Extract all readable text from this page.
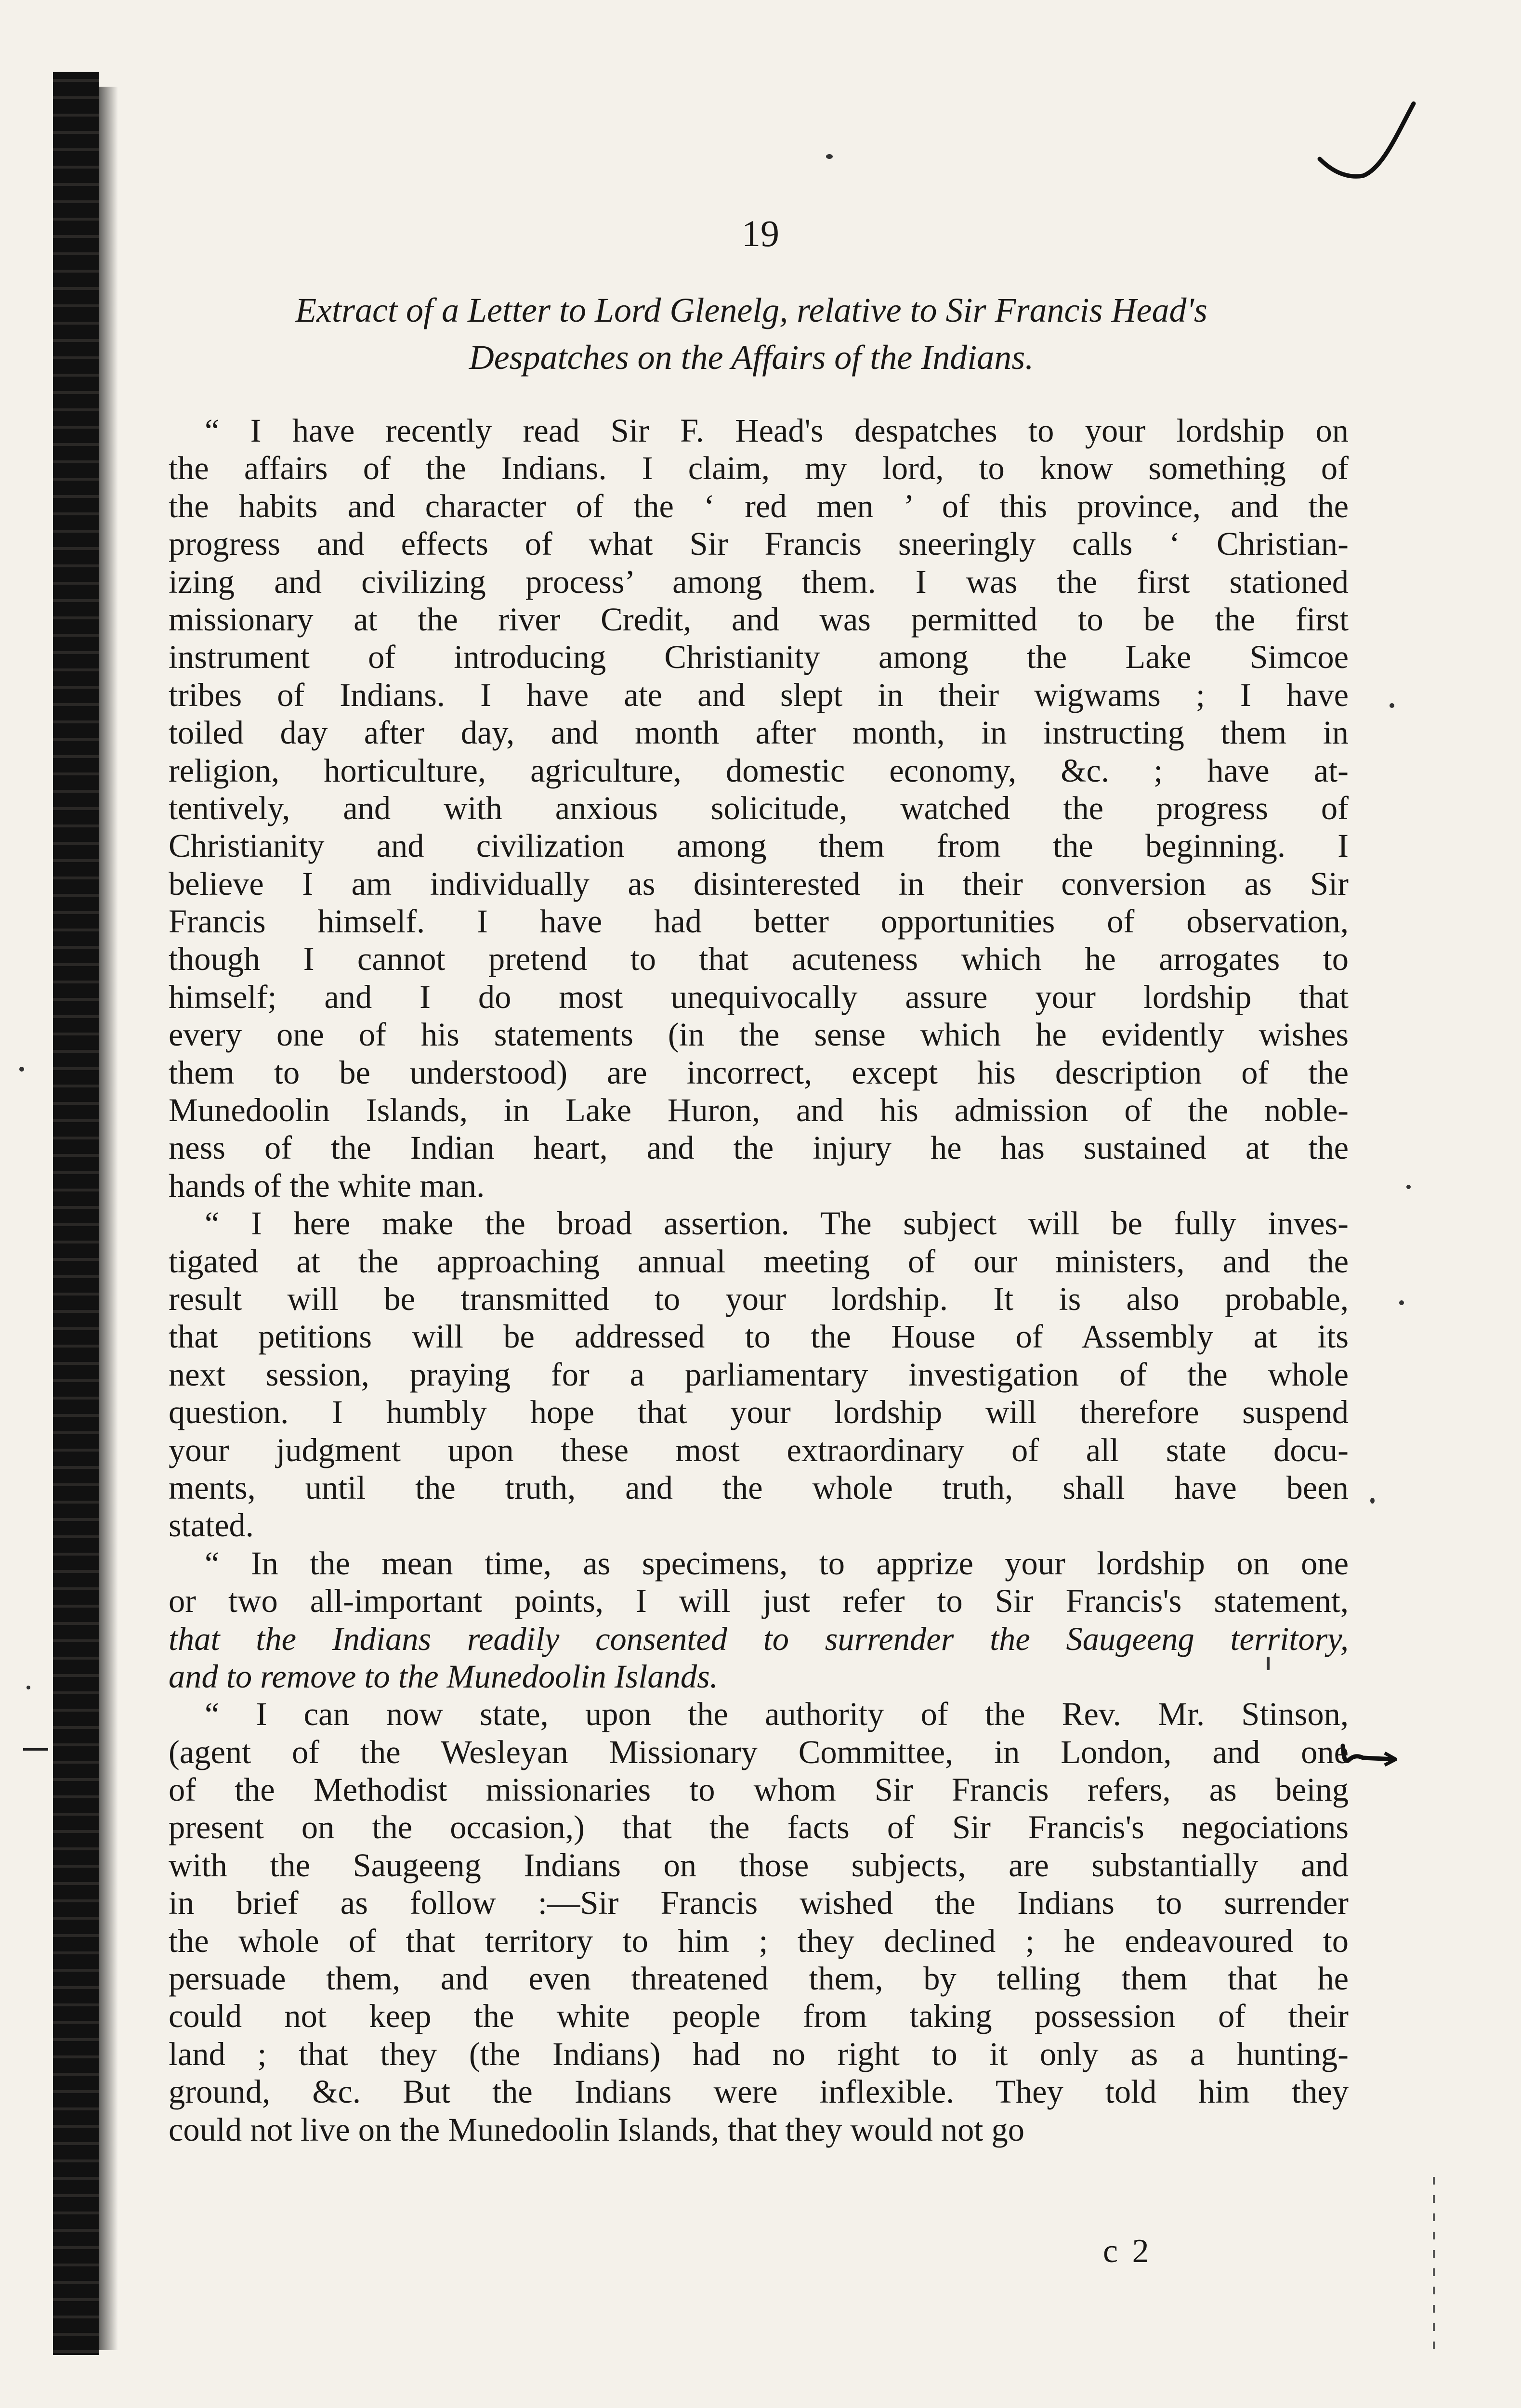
19
Extract of a Letter to Lord Glenelg, relative to Sir Francis Head's
Despatches on the Affairs of the Indians.
“ I have recently read Sir F. Head's despatches to your lordship on
the affairs of the Indians. I claim, my lord, to know something of
the habits and character of the ‘ red men ’ of this province, and the
progress and effects of what Sir Francis sneeringly calls ‘ Christian-
izing and civilizing process’ among them. I was the first stationed
missionary at the river Credit, and was permitted to be the first
instrument of introducing Christianity among the Lake Simcoe
tribes of Indians. I have ate and slept in their wigwams ; I have
toiled day after day, and month after month, in instructing them in
religion, horticulture, agriculture, domestic economy, &c. ; have at-
tentively, and with anxious solicitude, watched the progress of
Christianity and civilization among them from the beginning. I
believe I am individually as disinterested in their conversion as Sir
Francis himself. I have had better opportunities of observation,
though I cannot pretend to that acuteness which he arrogates to
himself; and I do most unequivocally assure your lordship that
every one of his statements (in the sense which he evidently wishes
them to be understood) are incorrect, except his description of the
Munedoolin Islands, in Lake Huron, and his admission of the noble-
ness of the Indian heart, and the injury he has sustained at the
hands of the white man.
“ I here make the broad assertion. The subject will be fully inves-
tigated at the approaching annual meeting of our ministers, and the
result will be transmitted to your lordship. It is also probable,
that petitions will be addressed to the House of Assembly at its
next session, praying for a parliamentary investigation of the whole
question. I humbly hope that your lordship will therefore suspend
your judgment upon these most extraordinary of all state docu-
ments, until the truth, and the whole truth, shall have been
stated.
“ In the mean time, as specimens, to apprize your lordship on one
or two all-important points, I will just refer to Sir Francis's statement,
that the Indians readily consented to surrender the Saugeeng territory,
and to remove to the Munedoolin Islands.
“ I can now state, upon the authority of the Rev. Mr. Stinson,
(agent of the Wesleyan Missionary Committee, in London, and one
of the Methodist missionaries to whom Sir Francis refers, as being
present on the occasion,) that the facts of Sir Francis's negociations
with the Saugeeng Indians on those subjects, are substantially and
in brief as follow :—Sir Francis wished the Indians to surrender
the whole of that territory to him ; they declined ; he endeavoured to
persuade them, and even threatened them, by telling them that he
could not keep the white people from taking possession of their
land ; that they (the Indians) had no right to it only as a hunting-
ground, &c. But the Indians were inflexible. They told him they
could not live on the Munedoolin Islands, that they would not go
c 2
